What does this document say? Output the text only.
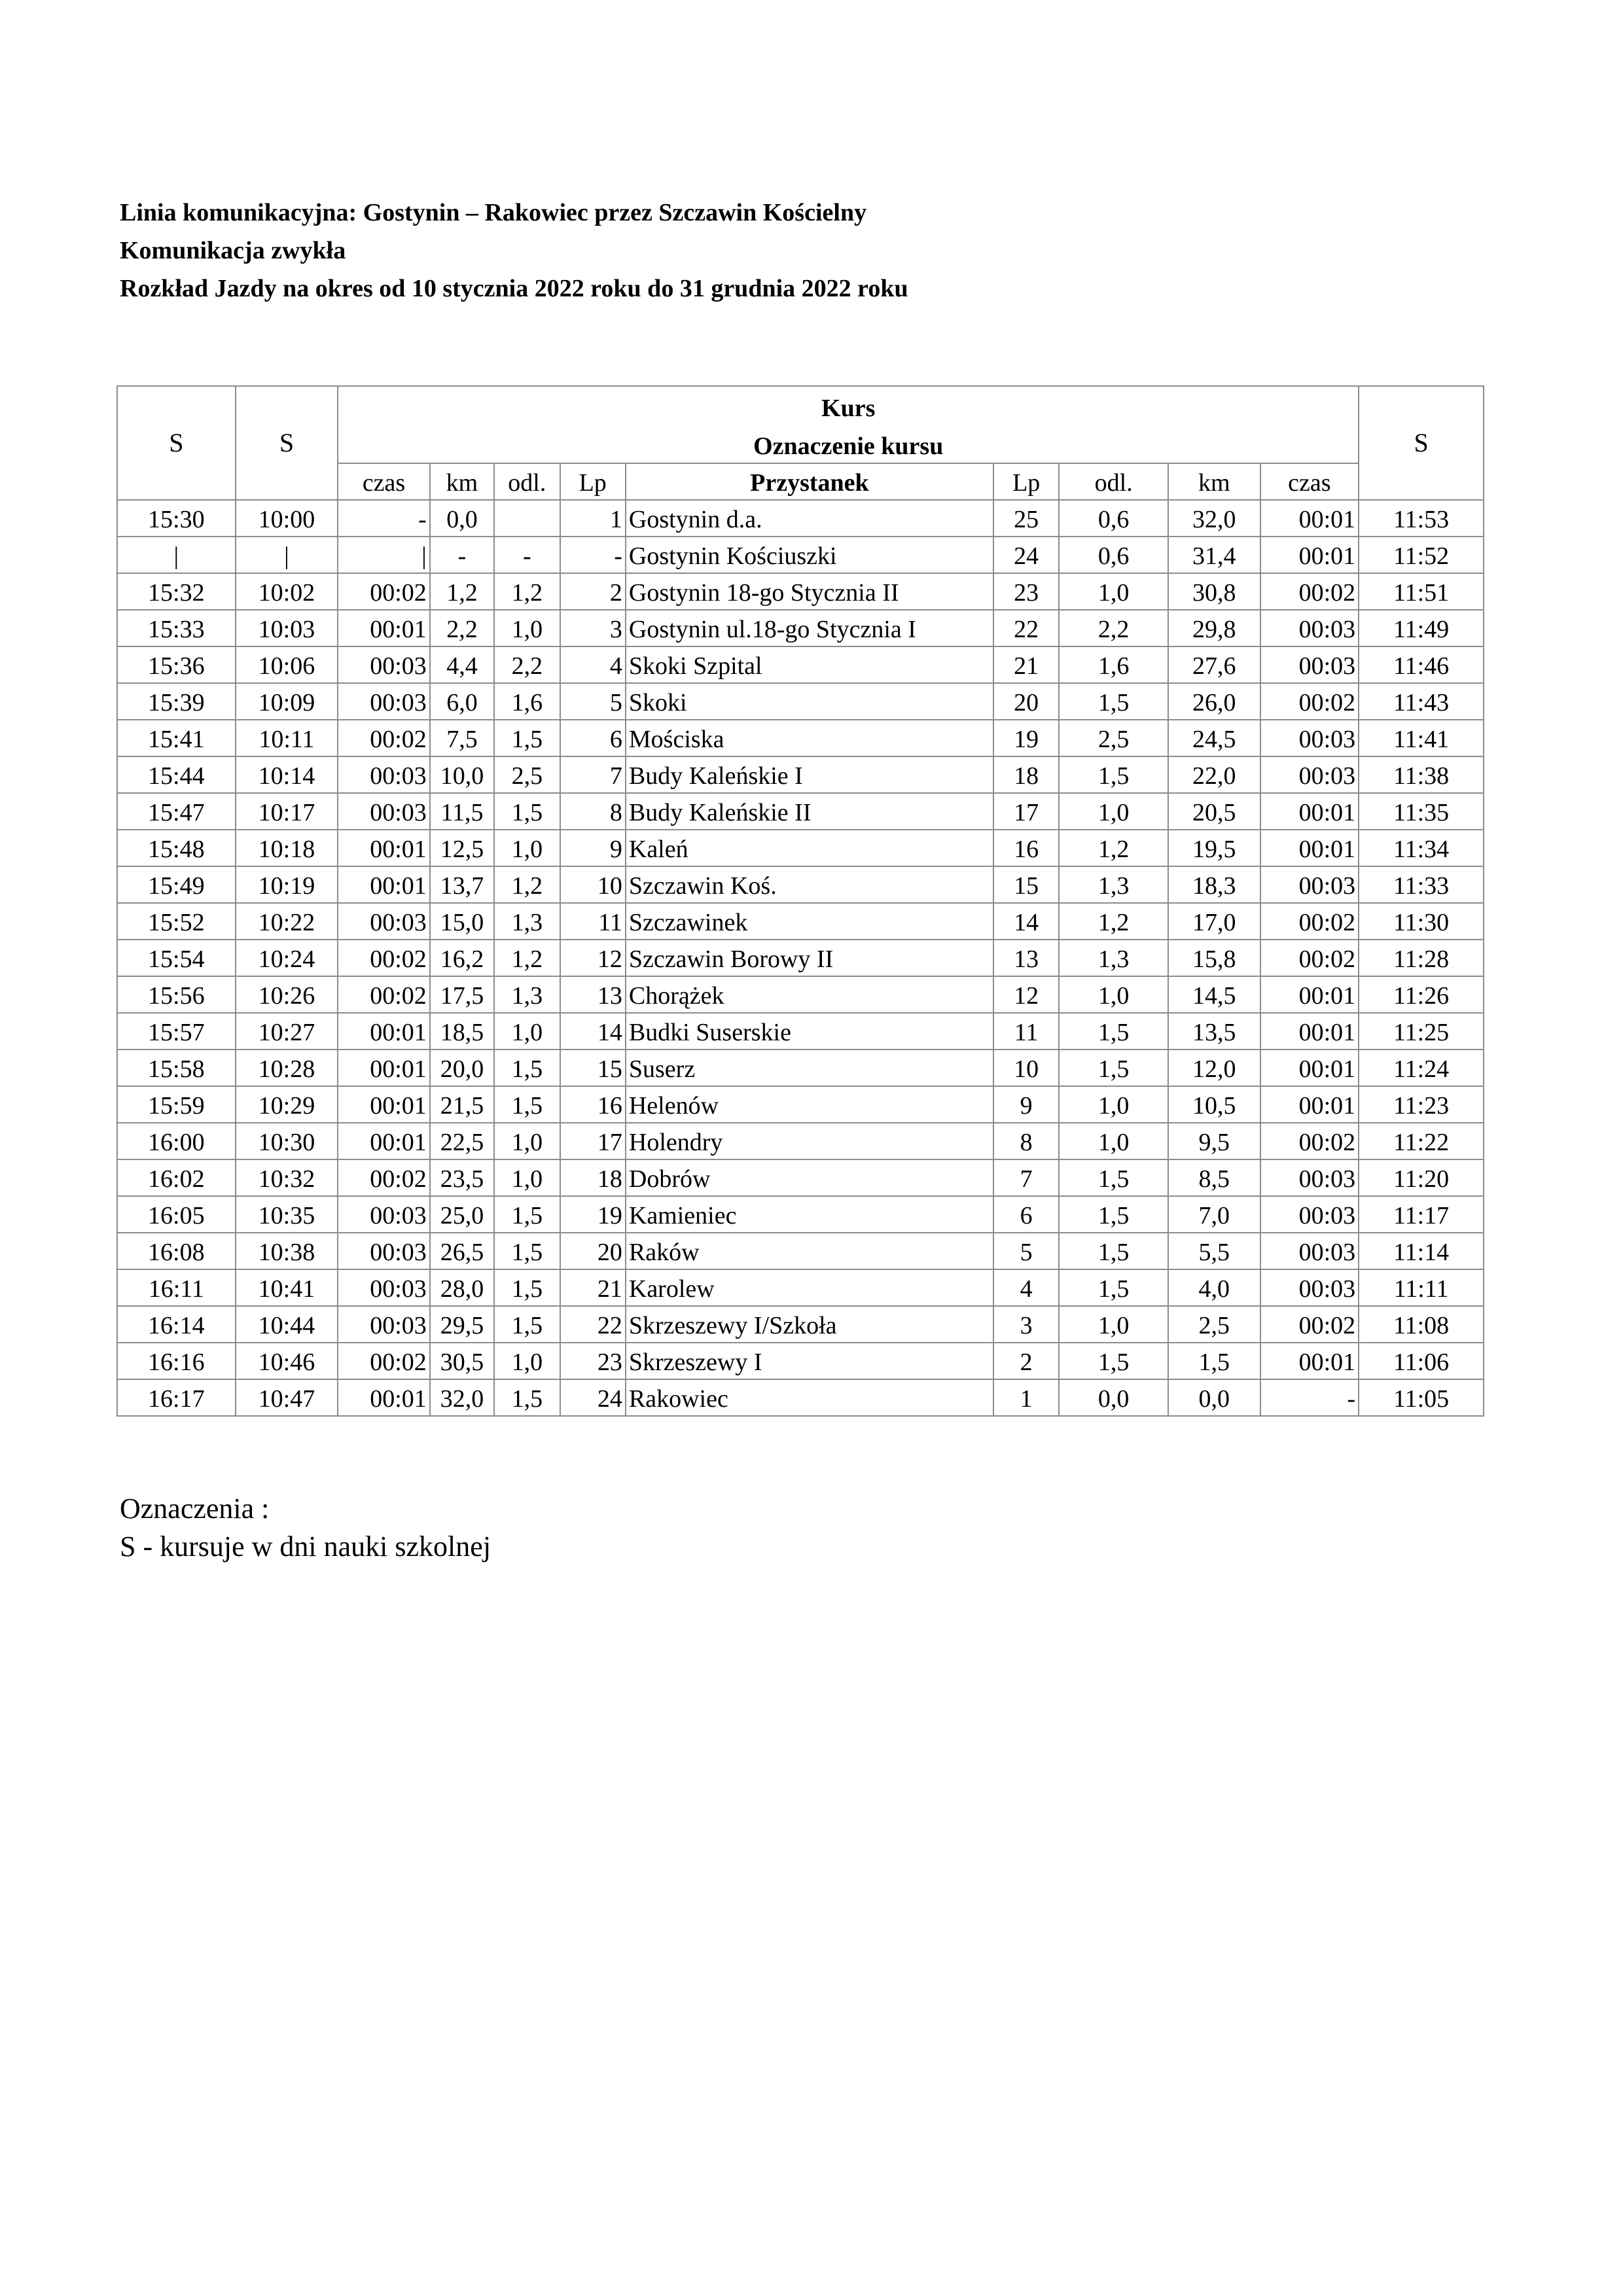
Linia komunikacyjna: Gostynin – Rakowiec przez Szczawin Kościelny
Komunikacja zwykła
Rozkład Jazdy na okres od 10 stycznia 2022 roku do 31 grudnia 2022 roku
S	S	Kurs									S
		Oznaczenie kursu									
		czas	km	odl.	Lp	Przystanek	Lp	odl.	km	czas	
15:30	10:00	-	0,0		1	Gostynin d.a.	25	0,6	32,0	00:01	11:53
|	|	|	-	-	-	Gostynin Kościuszki	24	0,6	31,4	00:01	11:52
15:32	10:02	00:02	1,2	1,2	2	Gostynin 18-go Stycznia II	23	1,0	30,8	00:02	11:51
15:33	10:03	00:01	2,2	1,0	3	Gostynin ul.18-go Stycznia I	22	2,2	29,8	00:03	11:49
15:36	10:06	00:03	4,4	2,2	4	Skoki Szpital	21	1,6	27,6	00:03	11:46
15:39	10:09	00:03	6,0	1,6	5	Skoki	20	1,5	26,0	00:02	11:43
15:41	10:11	00:02	7,5	1,5	6	Mościska	19	2,5	24,5	00:03	11:41
15:44	10:14	00:03	10,0	2,5	7	Budy Kaleńskie I	18	1,5	22,0	00:03	11:38
15:47	10:17	00:03	11,5	1,5	8	Budy Kaleńskie II	17	1,0	20,5	00:01	11:35
15:48	10:18	00:01	12,5	1,0	9	Kaleń	16	1,2	19,5	00:01	11:34
15:49	10:19	00:01	13,7	1,2	10	Szczawin Koś.	15	1,3	18,3	00:03	11:33
15:52	10:22	00:03	15,0	1,3	11	Szczawinek	14	1,2	17,0	00:02	11:30
15:54	10:24	00:02	16,2	1,2	12	Szczawin Borowy II	13	1,3	15,8	00:02	11:28
15:56	10:26	00:02	17,5	1,3	13	Chorążek	12	1,0	14,5	00:01	11:26
15:57	10:27	00:01	18,5	1,0	14	Budki Suserskie	11	1,5	13,5	00:01	11:25
15:58	10:28	00:01	20,0	1,5	15	Suserz	10	1,5	12,0	00:01	11:24
15:59	10:29	00:01	21,5	1,5	16	Helenów	9	1,0	10,5	00:01	11:23
16:00	10:30	00:01	22,5	1,0	17	Holendry	8	1,0	9,5	00:02	11:22
16:02	10:32	00:02	23,5	1,0	18	Dobrów	7	1,5	8,5	00:03	11:20
16:05	10:35	00:03	25,0	1,5	19	Kamieniec	6	1,5	7,0	00:03	11:17
16:08	10:38	00:03	26,5	1,5	20	Raków	5	1,5	5,5	00:03	11:14
16:11	10:41	00:03	28,0	1,5	21	Karolew	4	1,5	4,0	00:03	11:11
16:14	10:44	00:03	29,5	1,5	22	Skrzeszewy I/Szkoła	3	1,0	2,5	00:02	11:08
16:16	10:46	00:02	30,5	1,0	23	Skrzeszewy I	2	1,5	1,5	00:01	11:06
16:17	10:47	00:01	32,0	1,5	24	Rakowiec	1	0,0	0,0	-	11:05
Oznaczenia :
S - kursuje w dni nauki szkolnej
